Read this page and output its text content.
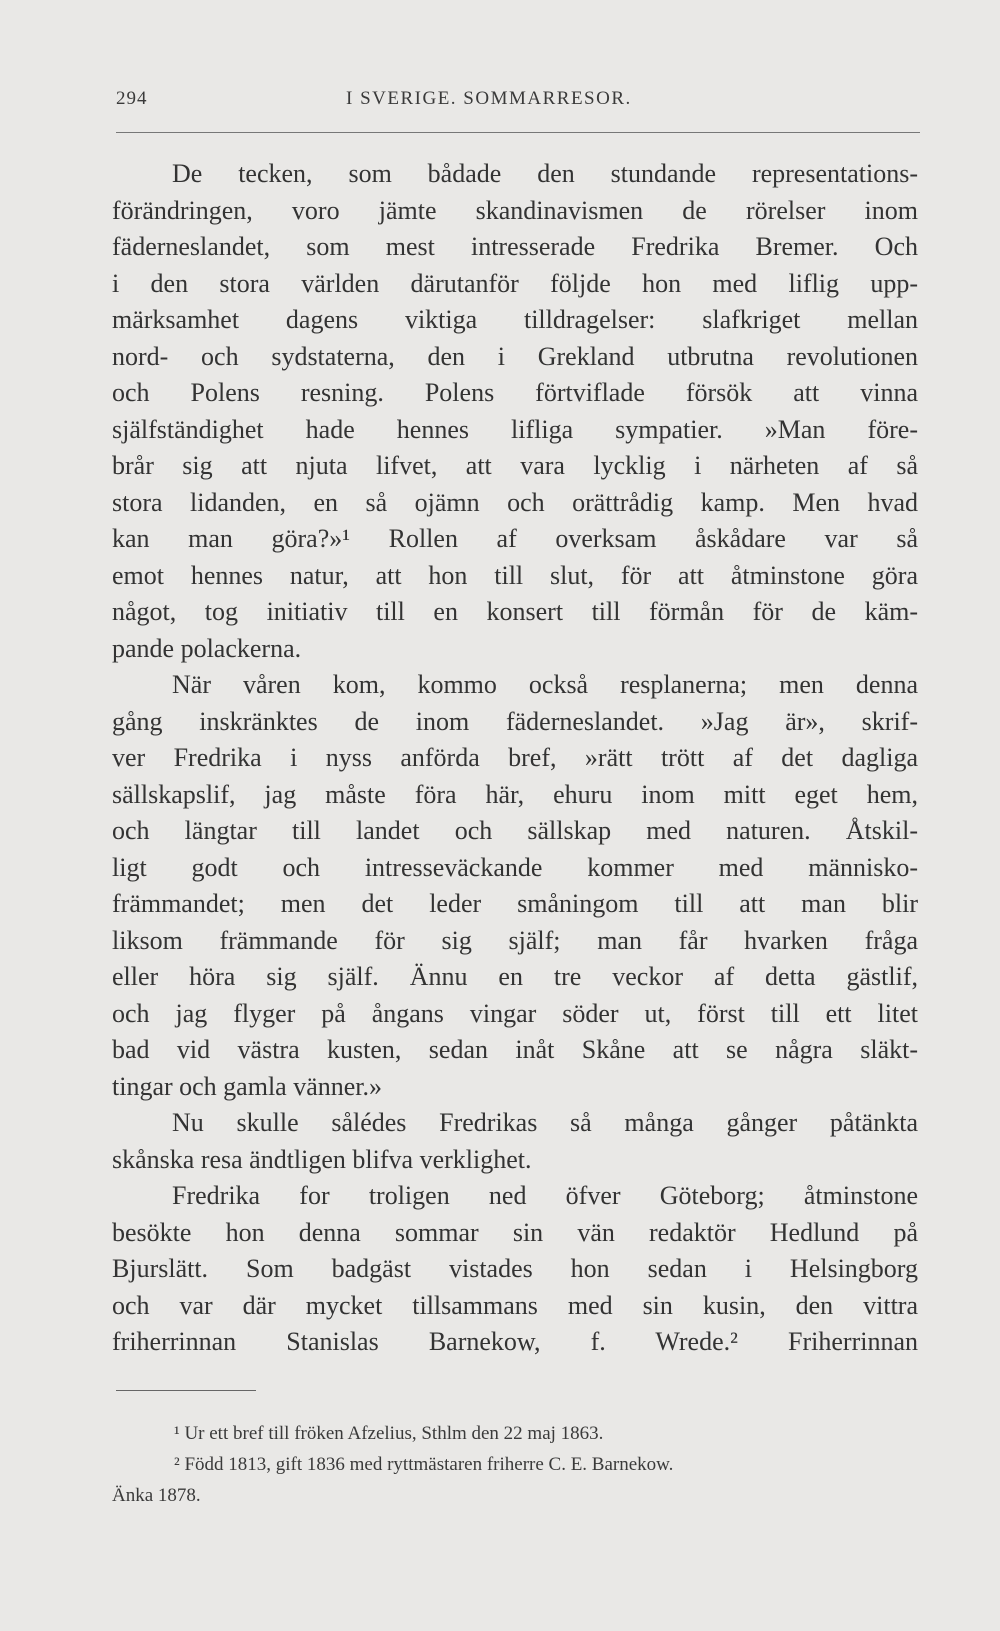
294	I SVERIGE. SOMMARRESOR.
De tecken, som bådade den stundande representations-
förändringen, voro jämte skandinavismen de rörelser inom
fäderneslandet, som mest intresserade Fredrika Bremer. Och
i den stora världen därutanför följde hon med liflig upp-
märksamhet dagens viktiga tilldragelser: slafkriget mellan
nord- och sydstaterna, den i Grekland utbrutna revolutionen
och Polens resning. Polens förtviflade försök att vinna
själfständighet hade hennes lifliga sympatier. »Man före-
brår sig att njuta lifvet, att vara lycklig i närheten af så
stora lidanden, en så ojämn och orättrådig kamp. Men hvad
kan man göra?»¹ Rollen af overksam åskådare var så
emot hennes natur, att hon till slut, för att åtminstone göra
något, tog initiativ till en konsert till förmån för de käm-
pande polackerna.
När våren kom, kommo också resplanerna; men denna
gång inskränktes de inom fäderneslandet. »Jag är», skrif-
ver Fredrika i nyss anförda bref, »rätt trött af det dagliga
sällskapslif, jag måste föra här, ehuru inom mitt eget hem,
och längtar till landet och sällskap med naturen. Åtskil-
ligt godt och intresseväckande kommer med människo-
främmandet; men det leder småningom till att man blir
liksom främmande för sig själf; man får hvarken fråga
eller höra sig själf. Ännu en tre veckor af detta gästlif,
och jag flyger på ångans vingar söder ut, först till ett litet
bad vid västra kusten, sedan inåt Skåne att se några släkt-
tingar och gamla vänner.»
Nu skulle sålédes Fredrikas så många gånger påtänkta
skånska resa ändtligen blifva verklighet.
Fredrika for troligen ned öfver Göteborg; åtminstone
besökte hon denna sommar sin vän redaktör Hedlund på
Bjurslätt. Som badgäst vistades hon sedan i Helsingborg
och var där mycket tillsammans med sin kusin, den vittra
friherrinnan Stanislas Barnekow, f. Wrede.² Friherrinnan
¹ Ur ett bref till fröken Afzelius, Sthlm den 22 maj 1863.
² Född 1813, gift 1836 med ryttmästaren friherre C. E. Barnekow.
Änka 1878.
